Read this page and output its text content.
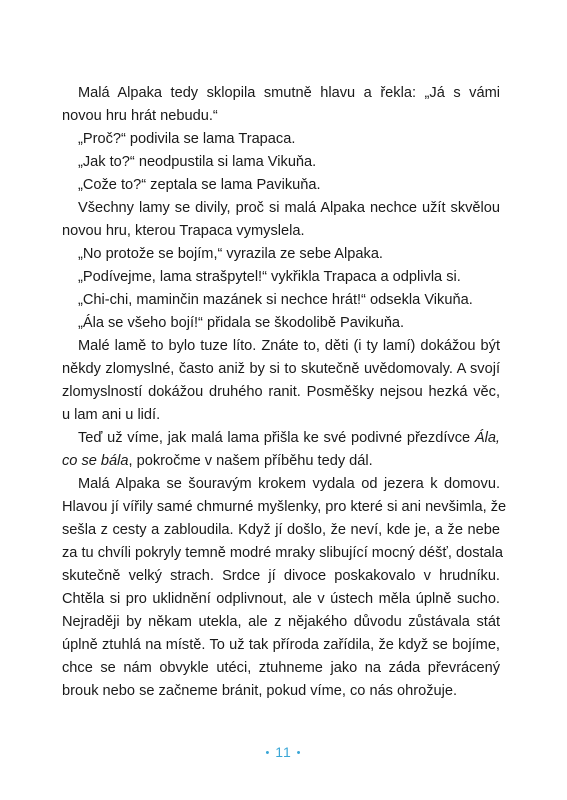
Malá Alpaka tedy sklopila smutně hlavu a řekla: „Já s vámi
novou hru hrát nebudu.“

„Proč?“ podivila se lama Trapaca.

„Jak to?“ neodpustila si lama Vikuňa.

„Cože to?“ zeptala se lama Pavikuňa.

Všechny lamy se divily, proč si malá Alpaka nechce užít skvělou
novou hru, kterou Trapaca vymyslela.

„No protože se bojím,“ vyrazila ze sebe Alpaka.

„Podívejme, lama strašpytel!“ vykřikla Trapaca a odplivla si.

„Chi-chi, maminčin mazánek si nechce hrát!“ odsekla Vikuňa.

„Ála se všeho bojí!“ přidala se škodolibě Pavikuňa.

Malé lamě to bylo tuze líto. Znáte to, děti (i ty lamí) dokážou být
někdy zlomyslné, často aniž by si to skutečně uvědomovaly. A svojí
zlomyslností dokážou druhého ranit. Posměšky nejsou hezká věc,
u lam ani u lidí.

Teď už víme, jak malá lama přišla ke své podivné přezdívce Ála,
co se bála, pokročme v našem příběhu tedy dál.

Malá Alpaka se šouravým krokem vydala od jezera k domovu.
Hlavou jí vířily samé chmurné myšlenky, pro které si ani nevšimla, že
sešla z cesty a zabloudila. Když jí došlo, že neví, kde je, a že nebe
za tu chvíli pokryly temně modré mraky slibující mocný déšť, dostala
skutečně velký strach. Srdce jí divoce poskakovalo v hrudníku.
Chtěla si pro uklidnění odplivnout, ale v ústech měla úplně sucho.
Nejraději by někam utekla, ale z nějakého důvodu zůstávala stát
úplně ztuhlá na místě. To už tak příroda zařídila, že když se bojíme,
chce se nám obvykle utéci, ztuhneme jako na záda převrácený
brouk nebo se začneme bránit, pokud víme, co nás ohrožuje.

• 11 •
